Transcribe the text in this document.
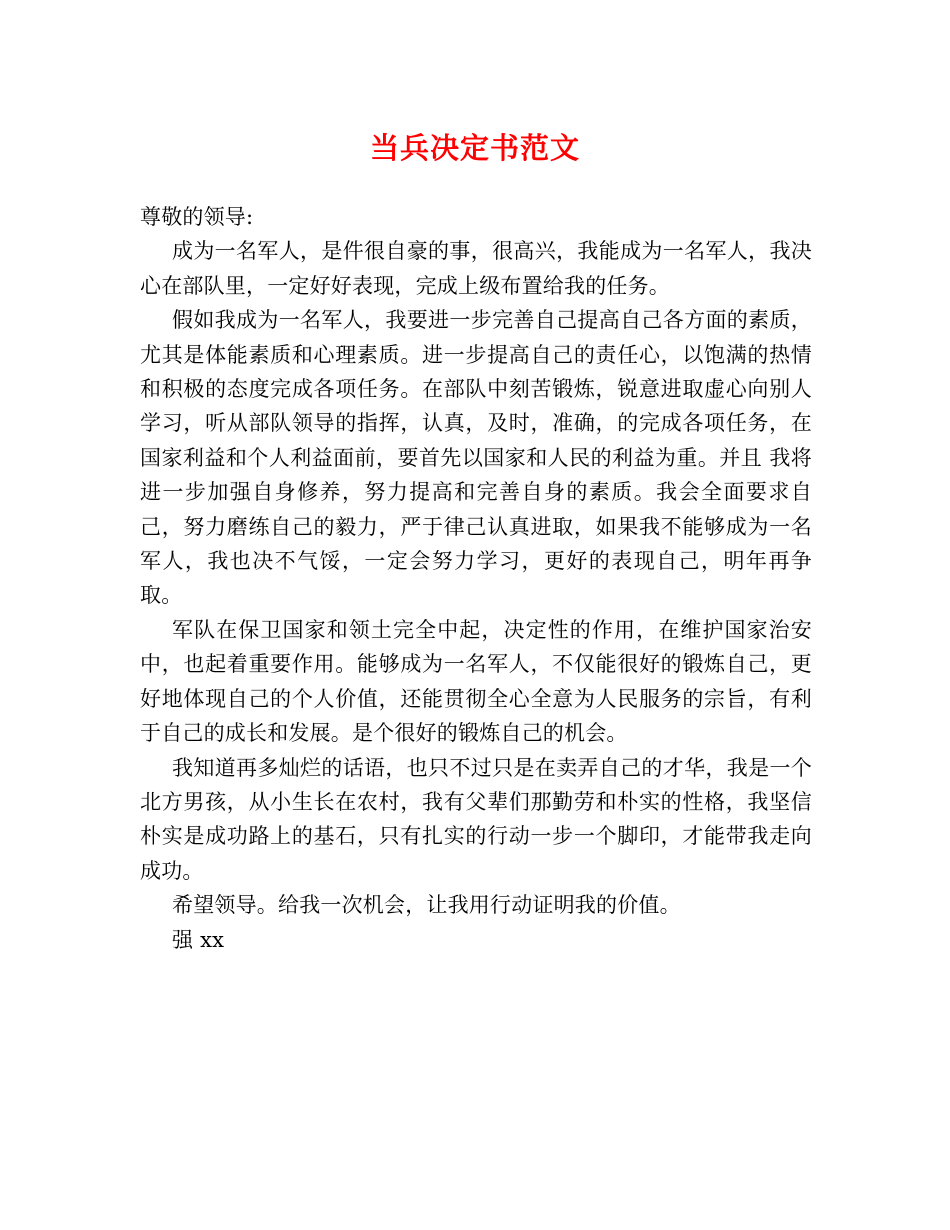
当兵决定书范文

尊敬的领导:

成为一名军人，是件很自豪的事，很高兴，我能成为一名军人，我决心在部队里，一定好好表现，完成上级布置给我的任务。

假如我成为一名军人，我要进一步完善自己提高自己各方面的素质，尤其是体能素质和心理素质。进一步提高自己的责任心，以饱满的热情和积极的态度完成各项任务。在部队中刻苦锻炼，锐意进取虚心向别人学习，听从部队领导的指挥，认真，及时，准确，的完成各项任务，在国家利益和个人利益面前，要首先以国家和人民的利益为重。并且 我将进一步加强自身修养，努力提高和完善自身的素质。我会全面要求自己，努力磨练自己的毅力，严于律己认真进取，如果我不能够成为一名军人，我也决不气馁，一定会努力学习，更好的表现自己，明年再争取。

军队在保卫国家和领土完全中起，决定性的作用，在维护国家治安中，也起着重要作用。能够成为一名军人，不仅能很好的锻炼自己，更好地体现自己的个人价值，还能贯彻全心全意为人民服务的宗旨，有利于自己的成长和发展。是个很好的锻炼自己的机会。

我知道再多灿烂的话语，也只不过只是在卖弄自己的才华，我是一个北方男孩，从小生长在农村，我有父辈们那勤劳和朴实的性格，我坚信朴实是成功路上的基石，只有扎实的行动一步一个脚印，才能带我走向成功。

希望领导。给我一次机会，让我用行动证明我的价值。

强 xx
